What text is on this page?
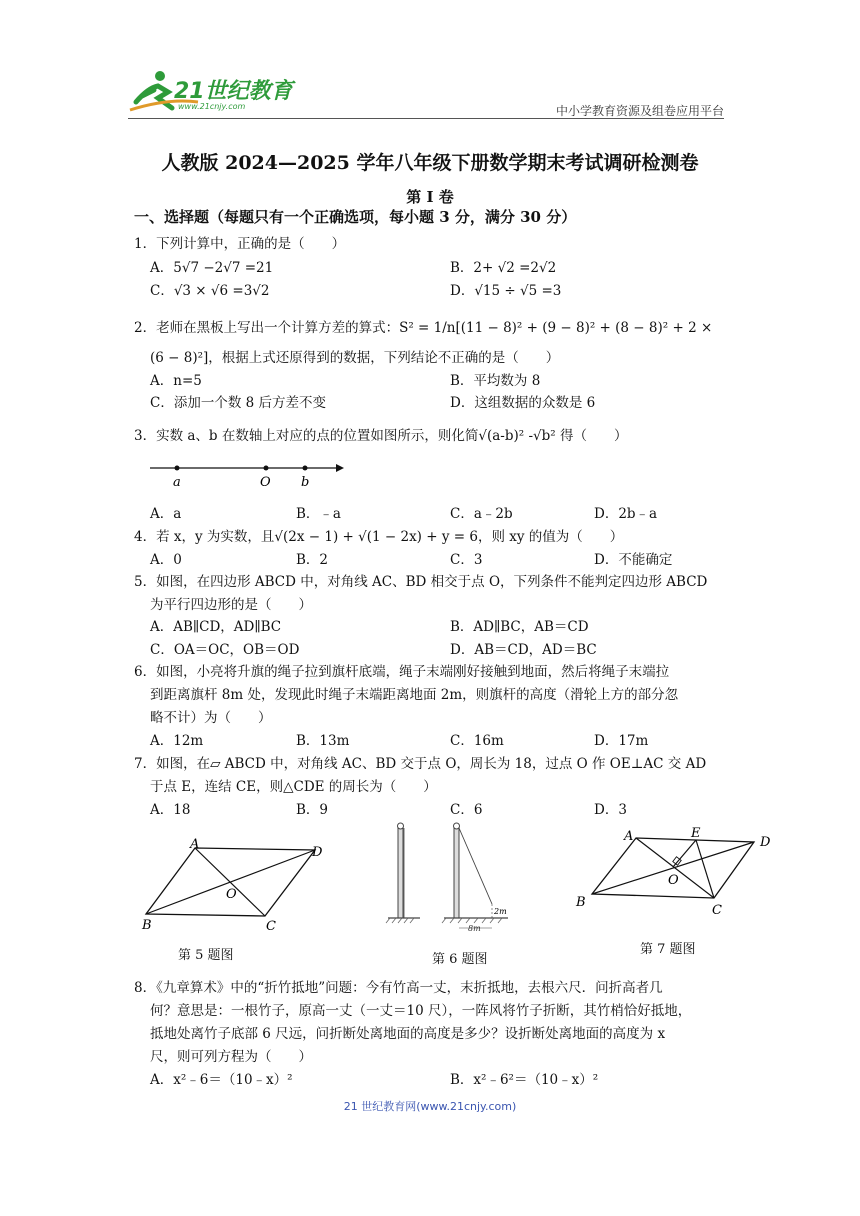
21世纪教育
www.21cnjy.com	中小学教育资源及组卷应用平台
人教版 2024—2025 学年八年级下册数学期末考试调研检测卷
第 I 卷
一、选择题（每题只有一个正确选项，每小题 3 分，满分 30 分）
1．下列计算中，正确的是（　　）
A．5√7 −2√7 =21	B．2+ √2 =2√2
C．√3 × √6 =3√2	D．√15 ÷ √5 =3
2．老师在黑板上写出一个计算方差的算式：S² = 1/n[(11 − 8)² + (9 − 8)² + (8 − 8)² + 2 ×
(6 − 8)²]，根据上式还原得到的数据，下列结论不正确的是（　　）
A．n=5	B．平均数为 8
C．添加一个数 8 后方差不变	D．这组数据的众数是 6
3．实数 a、b 在数轴上对应的点的位置如图所示，则化简√(a-b)² -√b² 得（　　）
a	O b
A．a	B．﹣a	C．a﹣2b	D．2b﹣a
4．若 x，y 为实数，且√(2x − 1) + √(1 − 2x) + y = 6，则 xy 的值为（　　）
A．0	B．2	C．3	D．不能确定
5．如图，在四边形 ABCD 中，对角线 AC、BD 相交于点 O，下列条件不能判定四边形 ABCD
为平行四边形的是（　　）
A．AB∥CD，AD∥BC	B．AD∥BC，AB＝CD
C．OA＝OC，OB＝OD	D．AB＝CD，AD＝BC
6．如图，小亮将升旗的绳子拉到旗杆底端，绳子末端刚好接触到地面，然后将绳子末端拉
到距离旗杆 8m 处，发现此时绳子末端距离地面 2m，则旗杆的高度（滑轮上方的部分忽
略不计）为（　　）
A．12m	B．13m	C．16m	D．17m
7．如图，在▱ ABCD 中，对角线 AC、BD 交于点 O，周长为 18，过点 O 作 OE⊥AC 交 AD
于点 E，连结 CE，则△CDE 的周长为（　　）
A．18	B．9	C．6	D．3
A
D
O
B	C
第 5 题图
2m
8m
第 6 题图
A	E
D
O
B
C
第 7 题图
8．《九章算术》中的“折竹抵地”问题：今有竹高一丈，末折抵地，去根六尺．问折高者几
何？意思是：一根竹子，原高一丈（一丈＝10 尺），一阵风将竹子折断，其竹梢恰好抵地，
抵地处离竹子底部 6 尺远，问折断处离地面的高度是多少？设折断处离地面的高度为 x
尺，则可列方程为（　　）
A．x²﹣6＝（10﹣x）²	B．x²﹣6²＝（10﹣x）²
21 世纪教育网(www.21cnjy.com)
